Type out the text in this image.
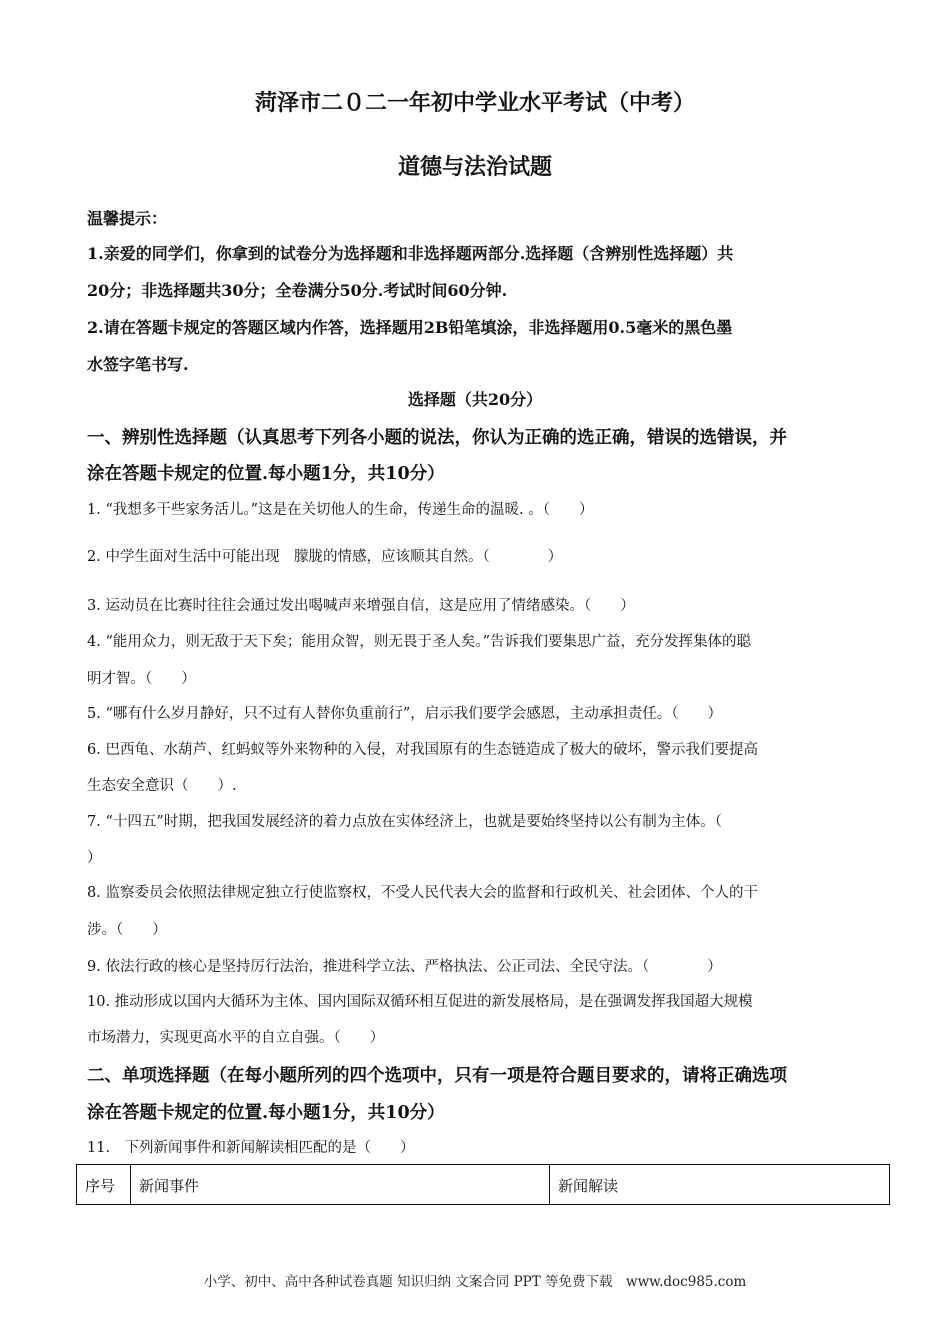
菏泽市二０二一年初中学业水平考试（中考）
道德与法治试题
温馨提示：
1.亲爱的同学们，你拿到的试卷分为选择题和非选择题两部分.选择题（含辨别性选择题）共
20分；非选择题共30分；全卷满分50分.考试时间60分钟.
2.请在答题卡规定的答题区域内作答，选择题用2B铅笔填涂，非选择题用0.5毫米的黑色墨
水签字笔书写.
选择题（共20分）
一、辨别性选择题（认真思考下列各小题的说法，你认为正确的选正确，错误的选错误，并
涂在答题卡规定的位置.每小题1分，共10分）
1. “我想多干些家务活儿。”这是在关切他人的生命，传递生命的温暖. 。（　　）
2. 中学生面对生活中可能出现　朦胧的情感，应该顺其自然。（　　　　）
3. 运动员在比赛时往往会通过发出喝喊声来增强自信，这是应用了情绪感染。（　　）
4. “能用众力，则无敌于天下矣；能用众智，则无畏于圣人矣。”告诉我们要集思广益，充分发挥集体的聪
明才智。（　　）
5. “哪有什么岁月静好，只不过有人替你负重前行”，启示我们要学会感恩，主动承担责任。（　　）
6. 巴西龟、水葫芦、红蚂蚁等外来物种的入侵，对我国原有的生态链造成了极大的破坏，警示我们要提高
生态安全意识（　　）.
7. “十四五”时期，把我国发展经济的着力点放在实体经济上，也就是要始终坚持以公有制为主体。（
）
8. 监察委员会依照法律规定独立行使监察权，不受人民代表大会的监督和行政机关、社会团体、个人的干
涉。（　　）
9. 依法行政的核心是坚持厉行法治，推进科学立法、严格执法、公正司法、全民守法。（　　　　）
10. 推动形成以国内大循环为主体、国内国际双循环相互促进的新发展格局，是在强调发挥我国超大规模
市场潜力，实现更高水平的自立自强。（　　）
二、单项选择题（在每小题所列的四个选项中，只有一项是符合题目要求的，请将正确选项
涂在答题卡规定的位置.每小题1分，共10分）
11.　下列新闻事件和新闻解读相匹配的是（　　）
序号	新闻事件	新闻解读
小学、初中、高中各种试卷真题 知识归纳 文案合同 PPT 等免费下载　www.doc985.com
